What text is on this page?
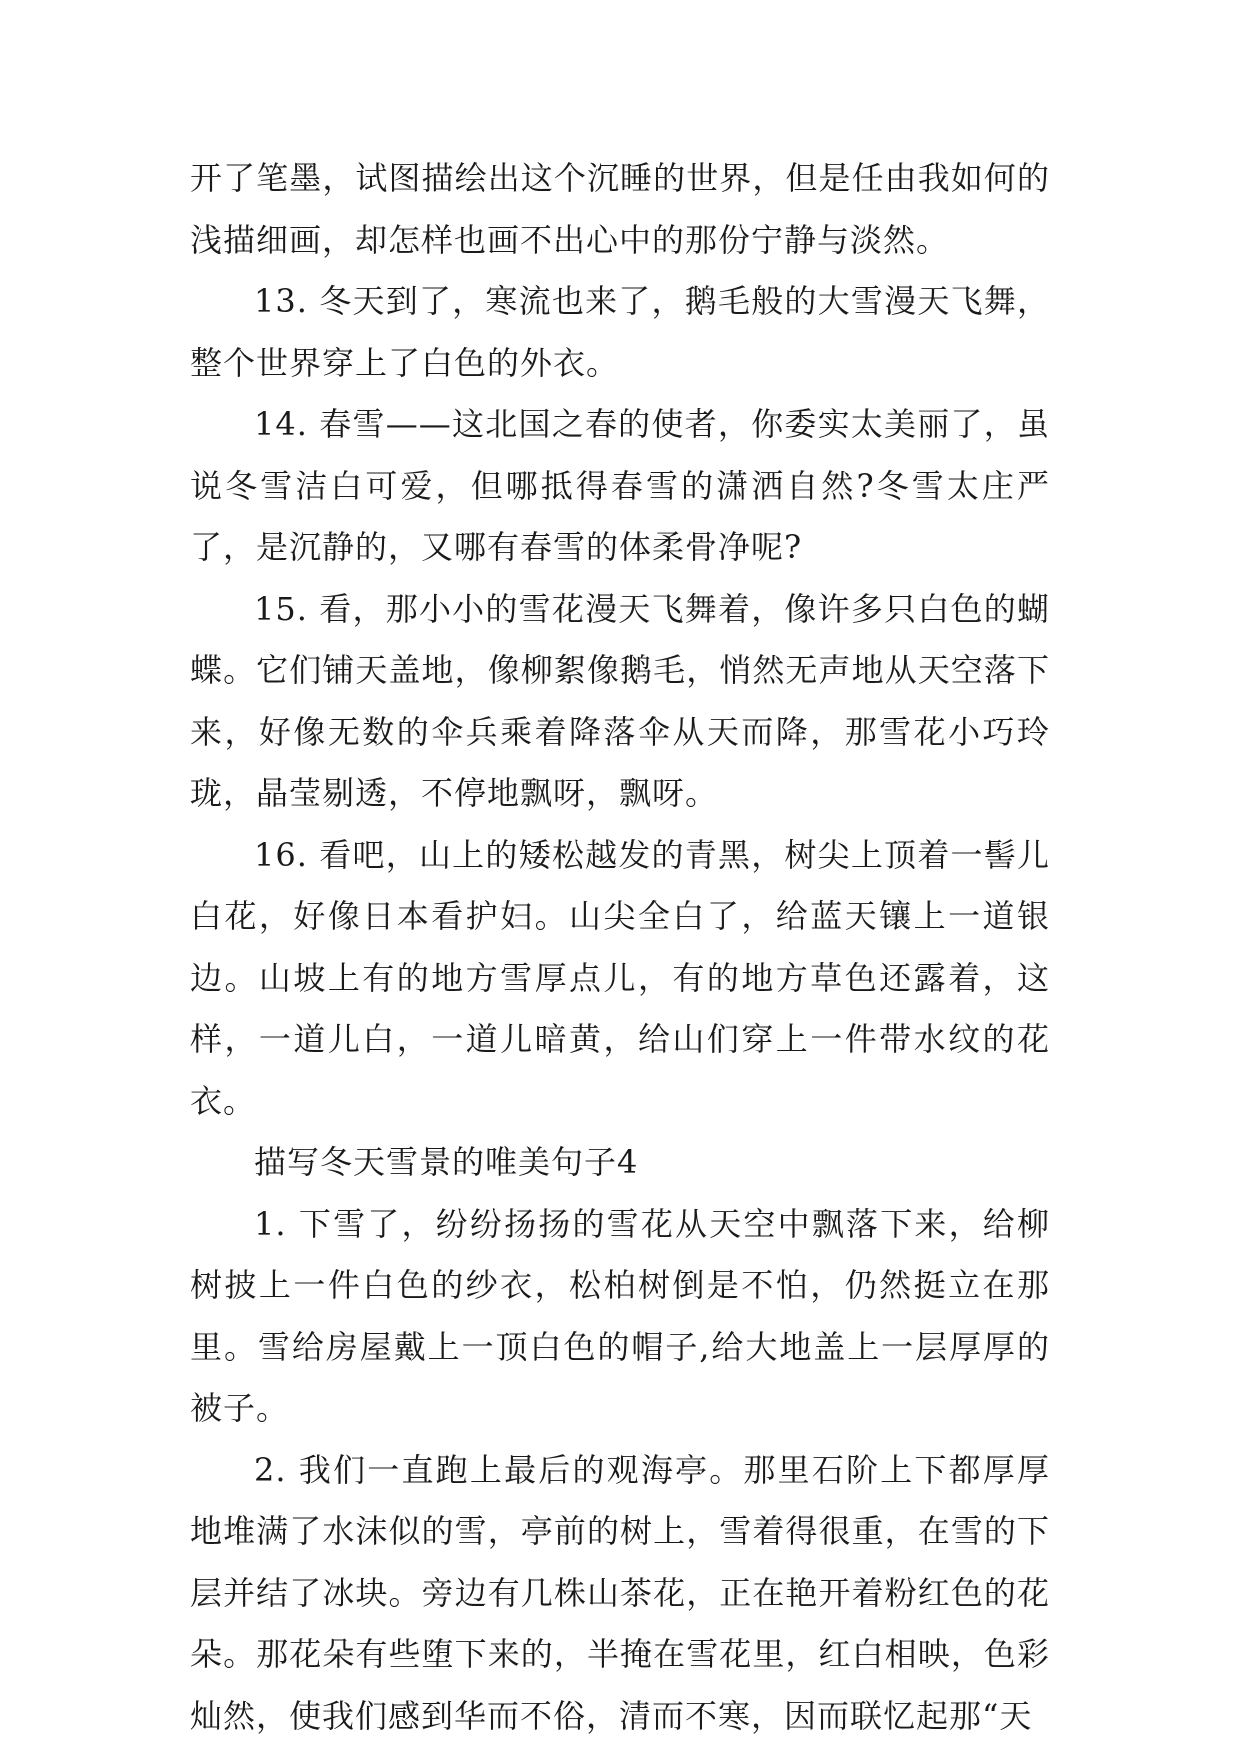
开了笔墨，试图描绘出这个沉睡的世界，但是任由我如何的浅描细画，却怎样也画不出心中的那份宁静与淡然。

13. 冬天到了，寒流也来了，鹅毛般的大雪漫天飞舞，整个世界穿上了白色的外衣。

14. 春雪——这北国之春的使者，你委实太美丽了，虽说冬雪洁白可爱，但哪抵得春雪的潇洒自然?冬雪太庄严了，是沉静的，又哪有春雪的体柔骨净呢?

15. 看，那小小的雪花漫天飞舞着，像许多只白色的蝴蝶。它们铺天盖地，像柳絮像鹅毛，悄然无声地从天空落下来，好像无数的伞兵乘着降落伞从天而降，那雪花小巧玲珑，晶莹剔透，不停地飘呀，飘呀。

16. 看吧，山上的矮松越发的青黑，树尖上顶着一髻儿白花，好像日本看护妇。山尖全白了，给蓝天镶上一道银边。山坡上有的地方雪厚点儿，有的地方草色还露着，这样，一道儿白，一道儿暗黄，给山们穿上一件带水纹的花衣。

描写冬天雪景的唯美句子4

1. 下雪了，纷纷扬扬的雪花从天空中飘落下来，给柳树披上一件白色的纱衣，松柏树倒是不怕，仍然挺立在那里。雪给房屋戴上一顶白色的帽子,给大地盖上一层厚厚的被子。

2. 我们一直跑上最后的观海亭。那里石阶上下都厚厚地堆满了水沫似的雪，亭前的树上，雪着得很重，在雪的下层并结了冰块。旁边有几株山茶花，正在艳开着粉红色的花朵。那花朵有些堕下来的，半掩在雪花里，红白相映，色彩灿然，使我们感到华而不俗，清而不寒，因而联忆起那“天
